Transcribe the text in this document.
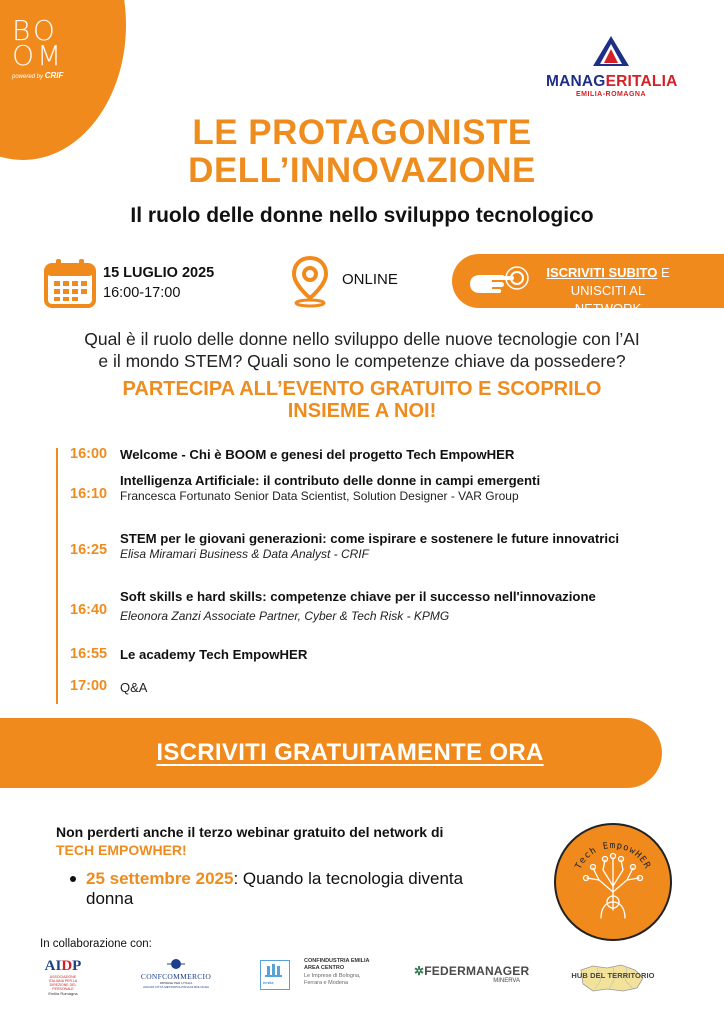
BO
OM
powered by CRIF	MANAGERITALIA
EMILIA-ROMAGNA
LE PROTAGONISTE
DELL’INNOVAZIONE
Il ruolo delle donne nello sviluppo tecnologico
15 LUGLIO 2025
16:00-17:00
ONLINE	ISCRIVITI SUBITO E
UNISCITI AL NETWORK
Qual è il ruolo delle donne nello sviluppo delle nuove tecnologie con l’AI
e il mondo STEM? Quali sono le competenze chiave da possedere?
PARTECIPA ALL’EVENTO GRATUITO E SCOPRILO
INSIEME A NOI!
16:00 Welcome - Chi è BOOM e genesi del progetto Tech EmpowHER
16:10
Intelligenza Artificiale: il contributo delle donne in campi emergenti
Francesca Fortunato Senior Data Scientist, Solution Designer - VAR Group
16:25
STEM per le giovani generazioni: come ispirare e sostenere le future innovatrici
Elisa Miramari Business & Data Analyst - CRIF
16:40
Soft skills e hard skills: competenze chiave per il successo nell'innovazione
Eleonora Zanzi Associate Partner, Cyber & Tech Risk - KPMG
16:55 Le academy Tech EmpowHER
17:00 Q&A
ISCRIVITI GRATUITAMENTE ORA
Non perderti anche il terzo webinar gratuito del network di
TECH EMPOWHER!
25 settembre 2025: Quando la tecnologia diventa donna
Tech EmpowHER
In collaborazione con:
AIDP
ASSOCIAZIONE ITALIANA PER LA DIREZIONE DEL PERSONALE
Emilia Romagna
CONFCOMMERCIO
IMPRESE PER L'ITALIA
ASCOM CITTÀ METROPOLITANA DI BOLOGNA
emilia
CONFINDUSTRIA EMILIA
AREA CENTRO
Le Imprese di Bologna,
Ferrara e Modena
✲FEDERMANAGER
MINERVA
HUB DEL TERRITORIO
